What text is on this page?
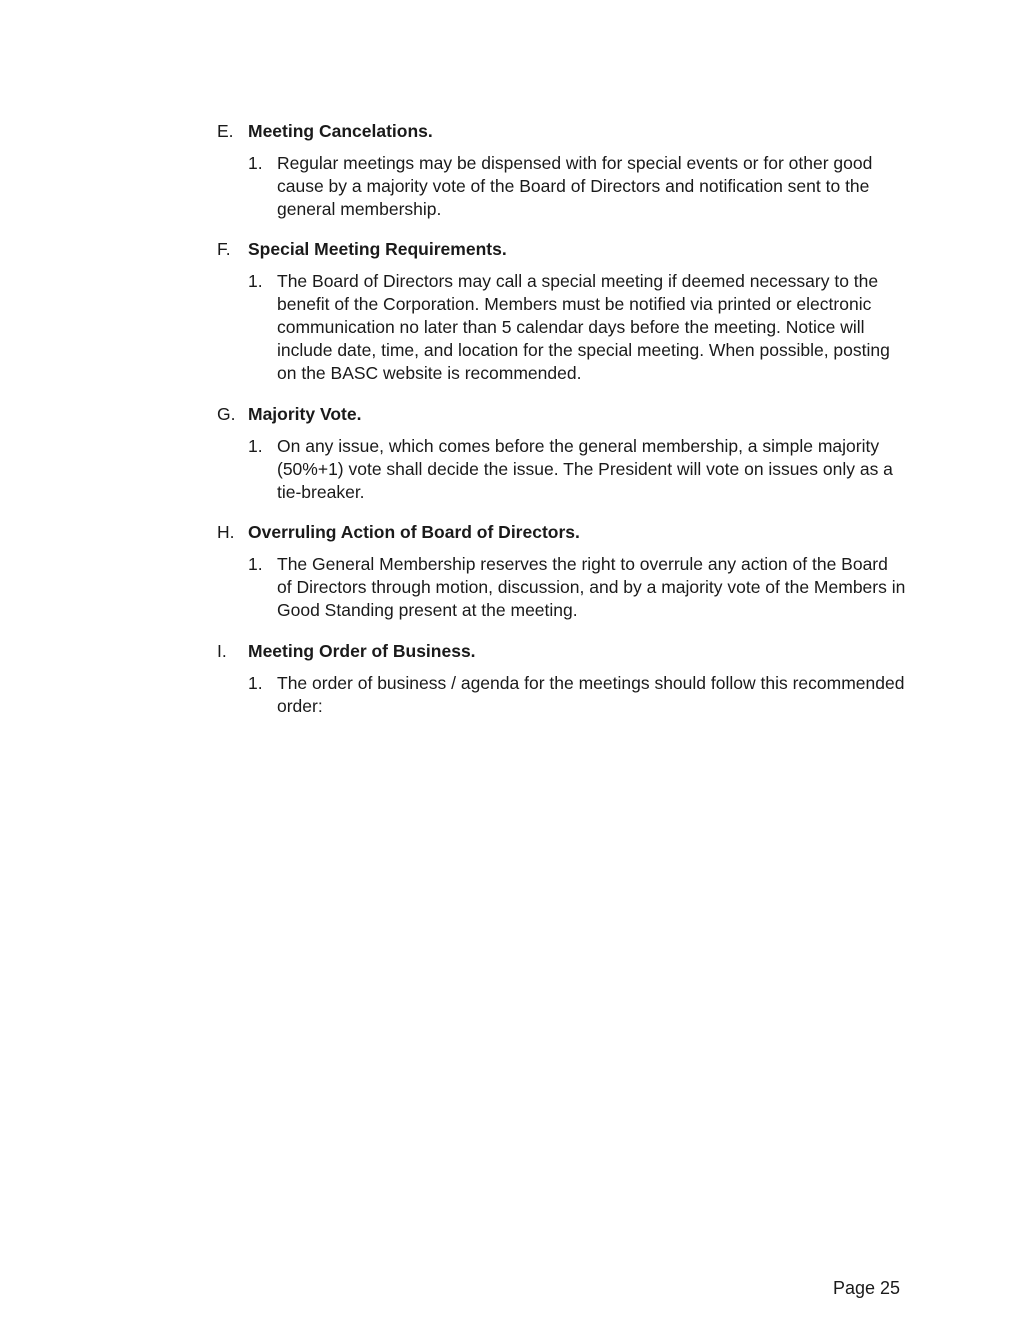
E. Meeting Cancelations.
1. Regular meetings may be dispensed with for special events or for other good cause by a majority vote of the Board of Directors and notification sent to the general membership.
F. Special Meeting Requirements.
1. The Board of Directors may call a special meeting if deemed necessary to the benefit of the Corporation. Members must be notified via printed or electronic communication no later than 5 calendar days before the meeting. Notice will include date, time, and location for the special meeting. When possible, posting on the BASC website is recommended.
G. Majority Vote.
1. On any issue, which comes before the general membership, a simple majority (50%+1) vote shall decide the issue. The President will vote on issues only as a tie-breaker.
H. Overruling Action of Board of Directors.
1. The General Membership reserves the right to overrule any action of the Board of Directors through motion, discussion, and by a majority vote of the Members in Good Standing present at the meeting.
I.	Meeting Order of Business.
1. The order of business / agenda for the meetings should follow this recommended order:
Page 25
